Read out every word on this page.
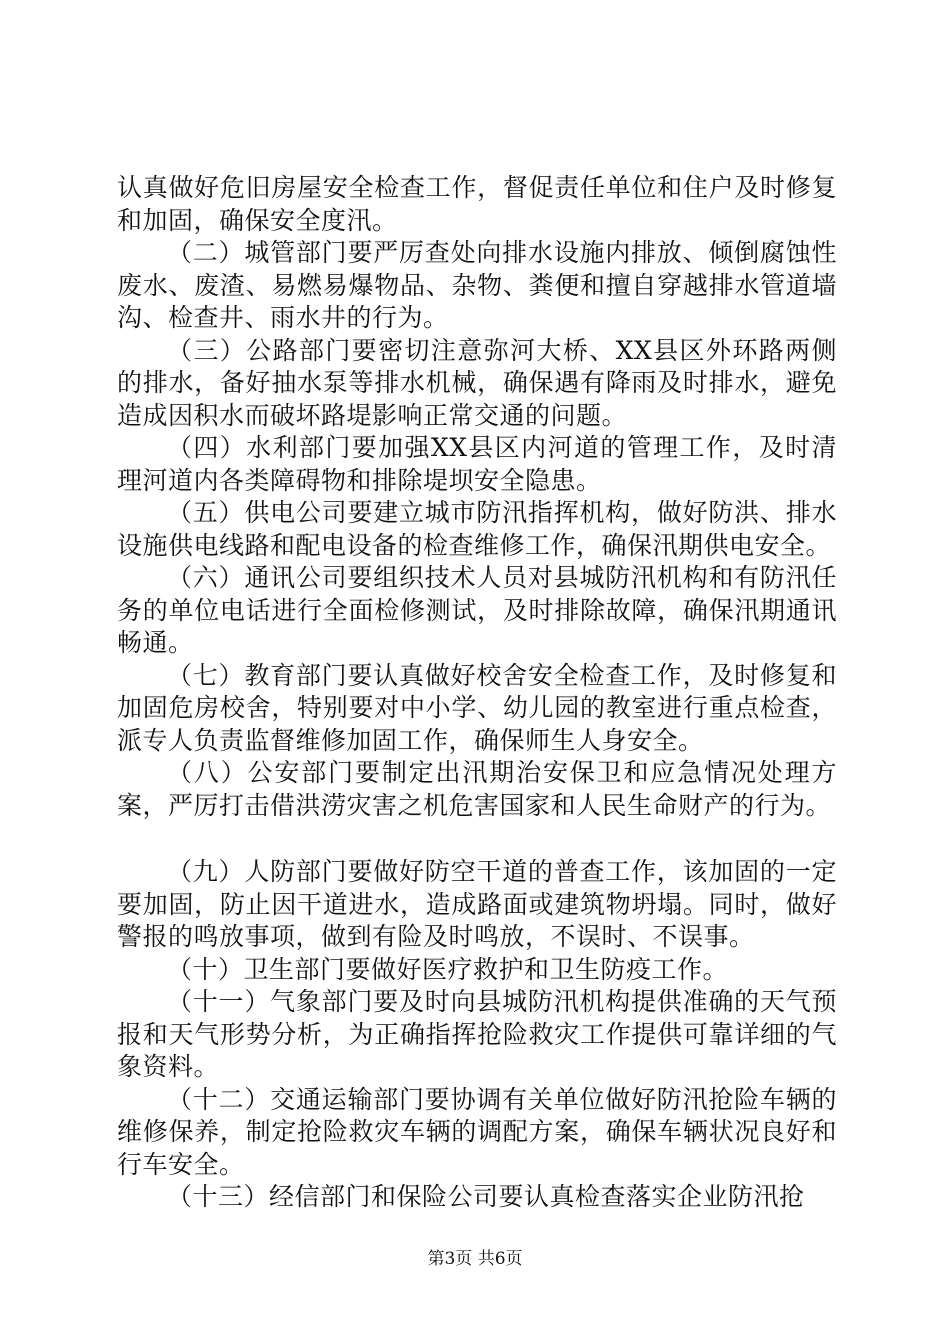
认真做好危旧房屋安全检查工作，督促责任单位和住户及时修复和加固，确保安全度汛。

（二）城管部门要严厉查处向排水设施内排放、倾倒腐蚀性废水、废渣、易燃易爆物品、杂物、粪便和擅自穿越排水管道墙沟、检查井、雨水井的行为。

（三）公路部门要密切注意弥河大桥、XX县区外环路两侧的排水，备好抽水泵等排水机械，确保遇有降雨及时排水，避免造成因积水而破坏路堤影响正常交通的问题。

（四）水利部门要加强XX县区内河道的管理工作，及时清理河道内各类障碍物和排除堤坝安全隐患。

（五）供电公司要建立城市防汛指挥机构，做好防洪、排水设施供电线路和配电设备的检查维修工作，确保汛期供电安全。

（六）通讯公司要组织技术人员对县城防汛机构和有防汛任务的单位电话进行全面检修测试，及时排除故障，确保汛期通讯畅通。

（七）教育部门要认真做好校舍安全检查工作，及时修复和加固危房校舍，特别要对中小学、幼儿园的教室进行重点检查，派专人负责监督维修加固工作，确保师生人身安全。

（八）公安部门要制定出汛期治安保卫和应急情况处理方案，严厉打击借洪涝灾害之机危害国家和人民生命财产的行为。

（九）人防部门要做好防空干道的普查工作，该加固的一定要加固，防止因干道进水，造成路面或建筑物坍塌。同时，做好警报的鸣放事项，做到有险及时鸣放，不误时、不误事。

（十）卫生部门要做好医疗救护和卫生防疫工作。

（十一）气象部门要及时向县城防汛机构提供准确的天气预报和天气形势分析，为正确指挥抢险救灾工作提供可靠详细的气象资料。

（十二）交通运输部门要协调有关单位做好防汛抢险车辆的维修保养，制定抢险救灾车辆的调配方案，确保车辆状况良好和行车安全。

（十三）经信部门和保险公司要认真检查落实企业防汛抢

第3页 共6页
